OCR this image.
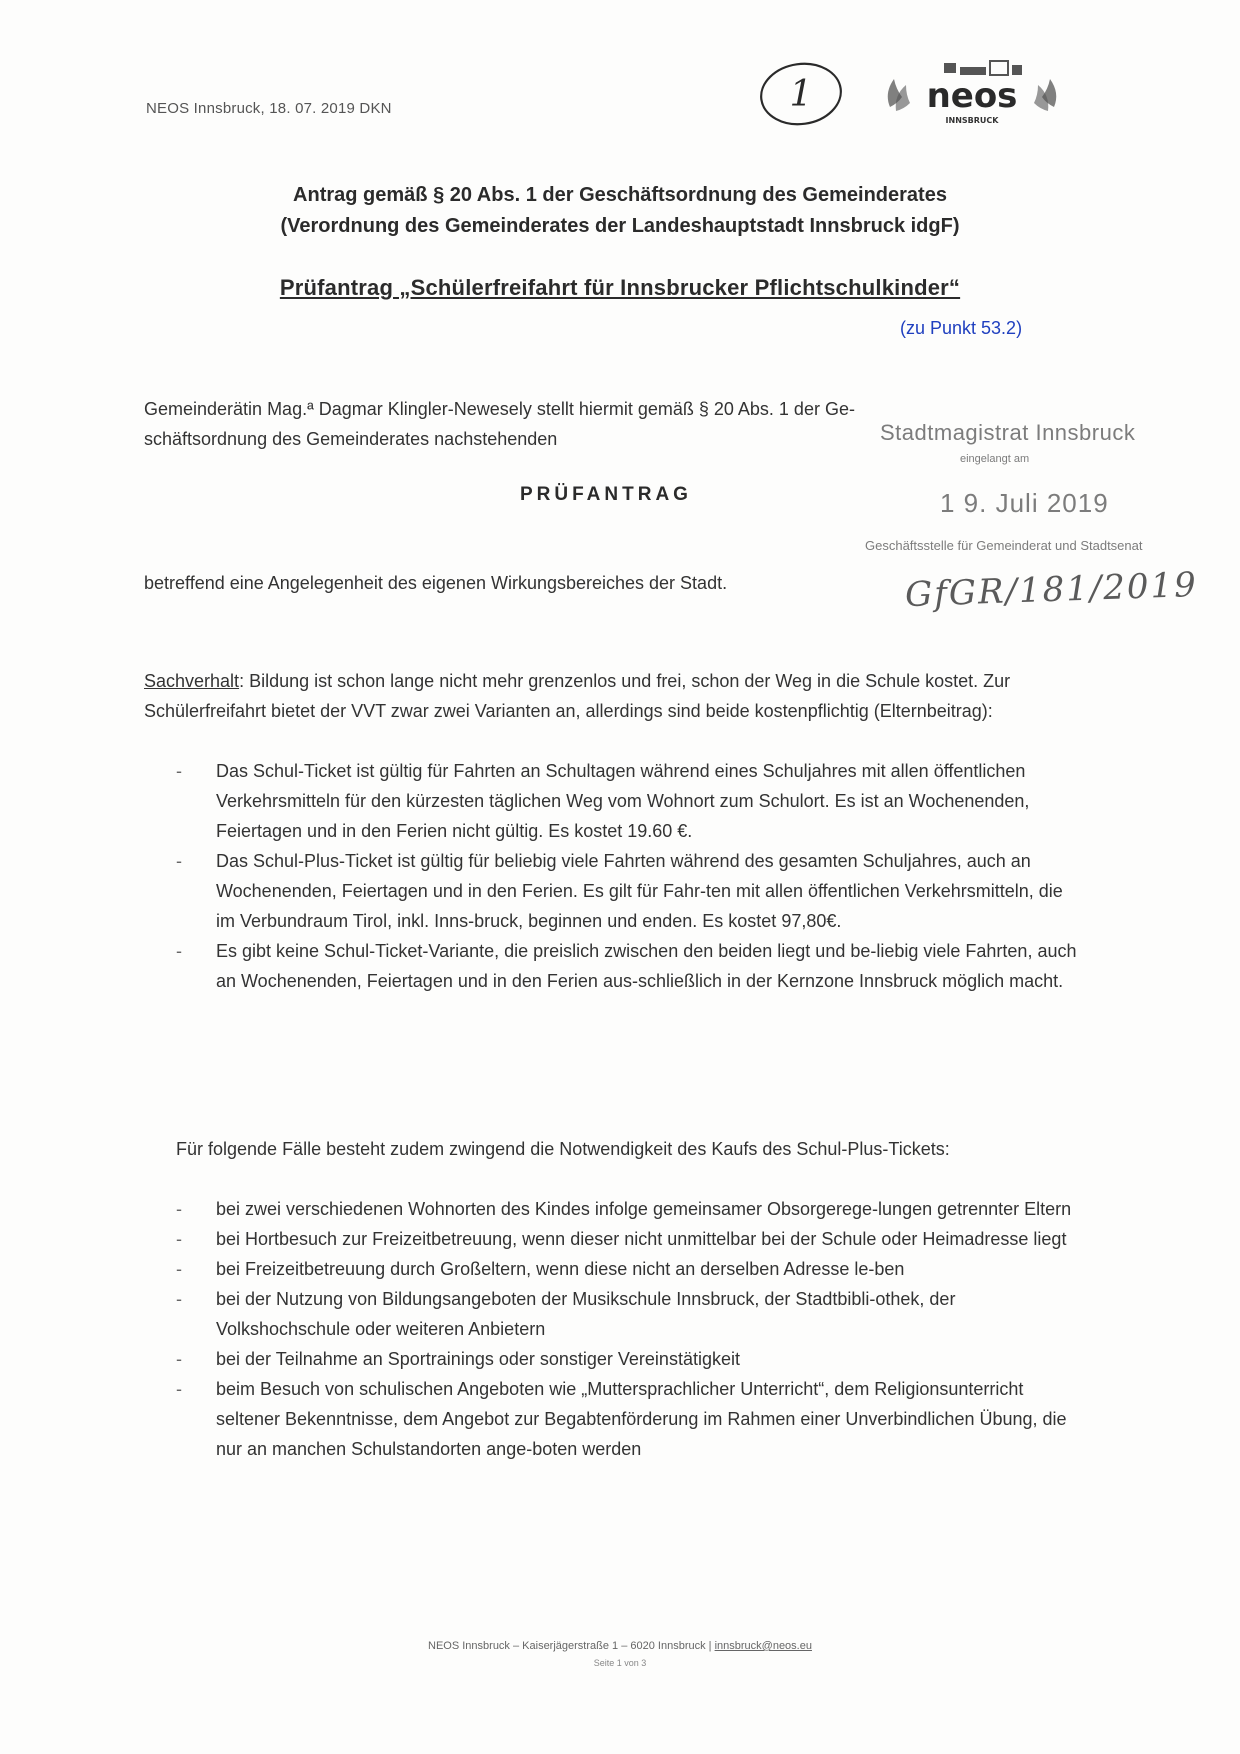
NEOS Innsbruck, 18. 07. 2019 DKN	1	neos
INNSBRUCK
Antrag gemäß § 20 Abs. 1 der Geschäftsordnung des Gemeinderates
(Verordnung des Gemeinderates der Landeshauptstadt Innsbruck idgF)
Prüfantrag „Schülerfreifahrt für Innsbrucker Pflichtschulkinder“
(zu Punkt 53.2)
Gemeinderätin Mag.ª Dagmar Klingler-Newesely stellt hiermit gemäß § 20 Abs. 1 der Ge-
schäftsordnung des Gemeinderates nachstehenden
PRÜFANTRAG
Stadtmagistrat Innsbruck
eingelangt am
1 9. Juli 2019
Geschäftsstelle für Gemeinderat und Stadtsenat
GfGR/181/2019
betreffend eine Angelegenheit des eigenen Wirkungsbereiches der Stadt.
Sachverhalt: Bildung ist schon lange nicht mehr grenzenlos und frei, schon der Weg in die Schule kostet. Zur Schülerfreifahrt bietet der VVT zwar zwei Varianten an, allerdings sind beide kostenpflichtig (Elternbeitrag):
-	Das Schul-Ticket ist gültig für Fahrten an Schultagen während eines Schuljahres mit allen öffentlichen Verkehrsmitteln für den kürzesten täglichen Weg vom Wohnort zum Schulort. Es ist an Wochenenden, Feiertagen und in den Ferien nicht gültig. Es kostet 19.60 €.
-	Das Schul-Plus-Ticket ist gültig für beliebig viele Fahrten während des gesamten Schuljahres, auch an Wochenenden, Feiertagen und in den Ferien. Es gilt für Fahr-ten mit allen öffentlichen Verkehrsmitteln, die im Verbundraum Tirol, inkl. Inns-bruck, beginnen und enden. Es kostet 97,80€.
-	Es gibt keine Schul-Ticket-Variante, die preislich zwischen den beiden liegt und be-liebig viele Fahrten, auch an Wochenenden, Feiertagen und in den Ferien aus-schließlich in der Kernzone Innsbruck möglich macht.
Für folgende Fälle besteht zudem zwingend die Notwendigkeit des Kaufs des Schul-Plus-Tickets:
-	bei zwei verschiedenen Wohnorten des Kindes infolge gemeinsamer Obsorgerege-lungen getrennter Eltern
-	bei Hortbesuch zur Freizeitbetreuung, wenn dieser nicht unmittelbar bei der Schule oder Heimadresse liegt
-	bei Freizeitbetreuung durch Großeltern, wenn diese nicht an derselben Adresse le-ben
-	bei der Nutzung von Bildungsangeboten der Musikschule Innsbruck, der Stadtbibli-othek, der Volkshochschule oder weiteren Anbietern
-	bei der Teilnahme an Sportrainings oder sonstiger Vereinstätigkeit
-	beim Besuch von schulischen Angeboten wie „Muttersprachlicher Unterricht“, dem Religionsunterricht seltener Bekenntnisse, dem Angebot zur Begabtenförderung im Rahmen einer Unverbindlichen Übung, die nur an manchen Schulstandorten ange-boten werden
NEOS Innsbruck – Kaiserjägerstraße 1 – 6020 Innsbruck | innsbruck@neos.eu
Seite 1 von 3
